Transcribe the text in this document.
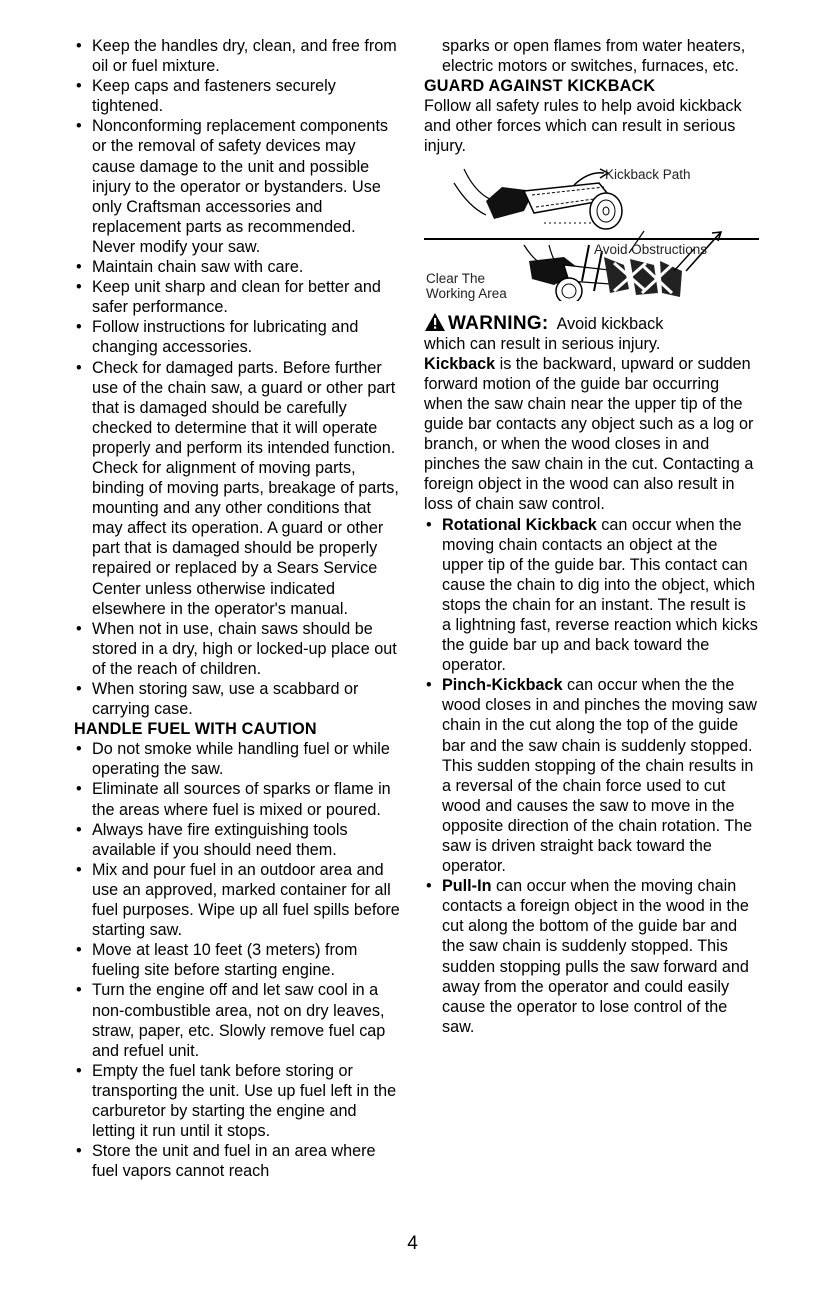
• Keep the handles dry, clean, and free from oil or fuel mixture.
• Keep caps and fasteners securely tightened.
• Nonconforming replacement components or the removal of safety devices may cause damage to the unit and possible injury to the operator or bystanders. Use only Craftsman accessories and replacement parts as recommended. Never modify your saw.
• Maintain chain saw with care.
• Keep unit sharp and clean for better and safer performance.
• Follow instructions for lubricating and changing accessories.
• Check for damaged parts. Before further use of the chain saw, a guard or other part that is damaged should be carefully checked to determine that it will operate properly and perform its intended function. Check for alignment of moving parts, binding of moving parts, breakage of parts, mounting and any other conditions that may affect its operation. A guard or other part that is damaged should be properly repaired or replaced by a Sears Service Center unless otherwise indicated elsewhere in the operator's manual.
• When not in use, chain saws should be stored in a dry, high or locked-up place out of the reach of children.
• When storing saw, use a scabbard or carrying case.
HANDLE FUEL WITH CAUTION
• Do not smoke while handling fuel or while operating the saw.
• Eliminate all sources of sparks or flame in the areas where fuel is mixed or poured.
• Always have fire extinguishing tools available if you should need them.
• Mix and pour fuel in an outdoor area and use an approved, marked container for all fuel purposes. Wipe up all fuel spills before starting saw.
• Move at least 10 feet (3 meters) from fueling site before starting engine.
• Turn the engine off and let saw cool in a non-combustible area, not on dry leaves, straw, paper, etc. Slowly remove fuel cap and refuel unit.
• Empty the fuel tank before storing or transporting the unit. Use up fuel left in the carburetor by starting the engine and letting it run until it stops.
• Store the unit and fuel in an area where fuel vapors cannot reach

sparks or open flames from water heaters, electric motors or switches, furnaces, etc.

GUARD AGAINST KICKBACK

Follow all safety rules to help avoid kickback and other forces which can result in serious injury.

Kickback Path
Avoid Obstructions
Clear The
Working Area
WARNING: Avoid kickback

which can result in serious injury.

Kickback is the backward, upward or sudden forward motion of the guide bar occurring when the saw chain near the upper tip of the guide bar contacts any object such as a log or branch, or when the wood closes in and pinches the saw chain in the cut. Contacting a foreign object in the wood can also result in loss of chain saw control.

• Rotational Kickback can occur when the moving chain contacts an object at the upper tip of the guide bar. This contact can cause the chain to dig into the object, which stops the chain for an instant. The result is a lightning fast, reverse reaction which kicks the guide bar up and back toward the operator.
• Pinch-Kickback can occur when the the wood closes in and pinches the moving saw chain in the cut along the top of the guide bar and the saw chain is suddenly stopped. This sudden stopping of the chain results in a reversal of the chain force used to cut wood and causes the saw to move in the opposite direction of the chain rotation. The saw is driven straight back toward the operator.
• Pull-In can occur when the moving chain contacts a foreign object in the wood in the cut along the bottom of the guide bar and the saw chain is suddenly stopped. This sudden stopping pulls the saw forward and away from the operator and could easily cause the operator to lose control of the saw.
4
